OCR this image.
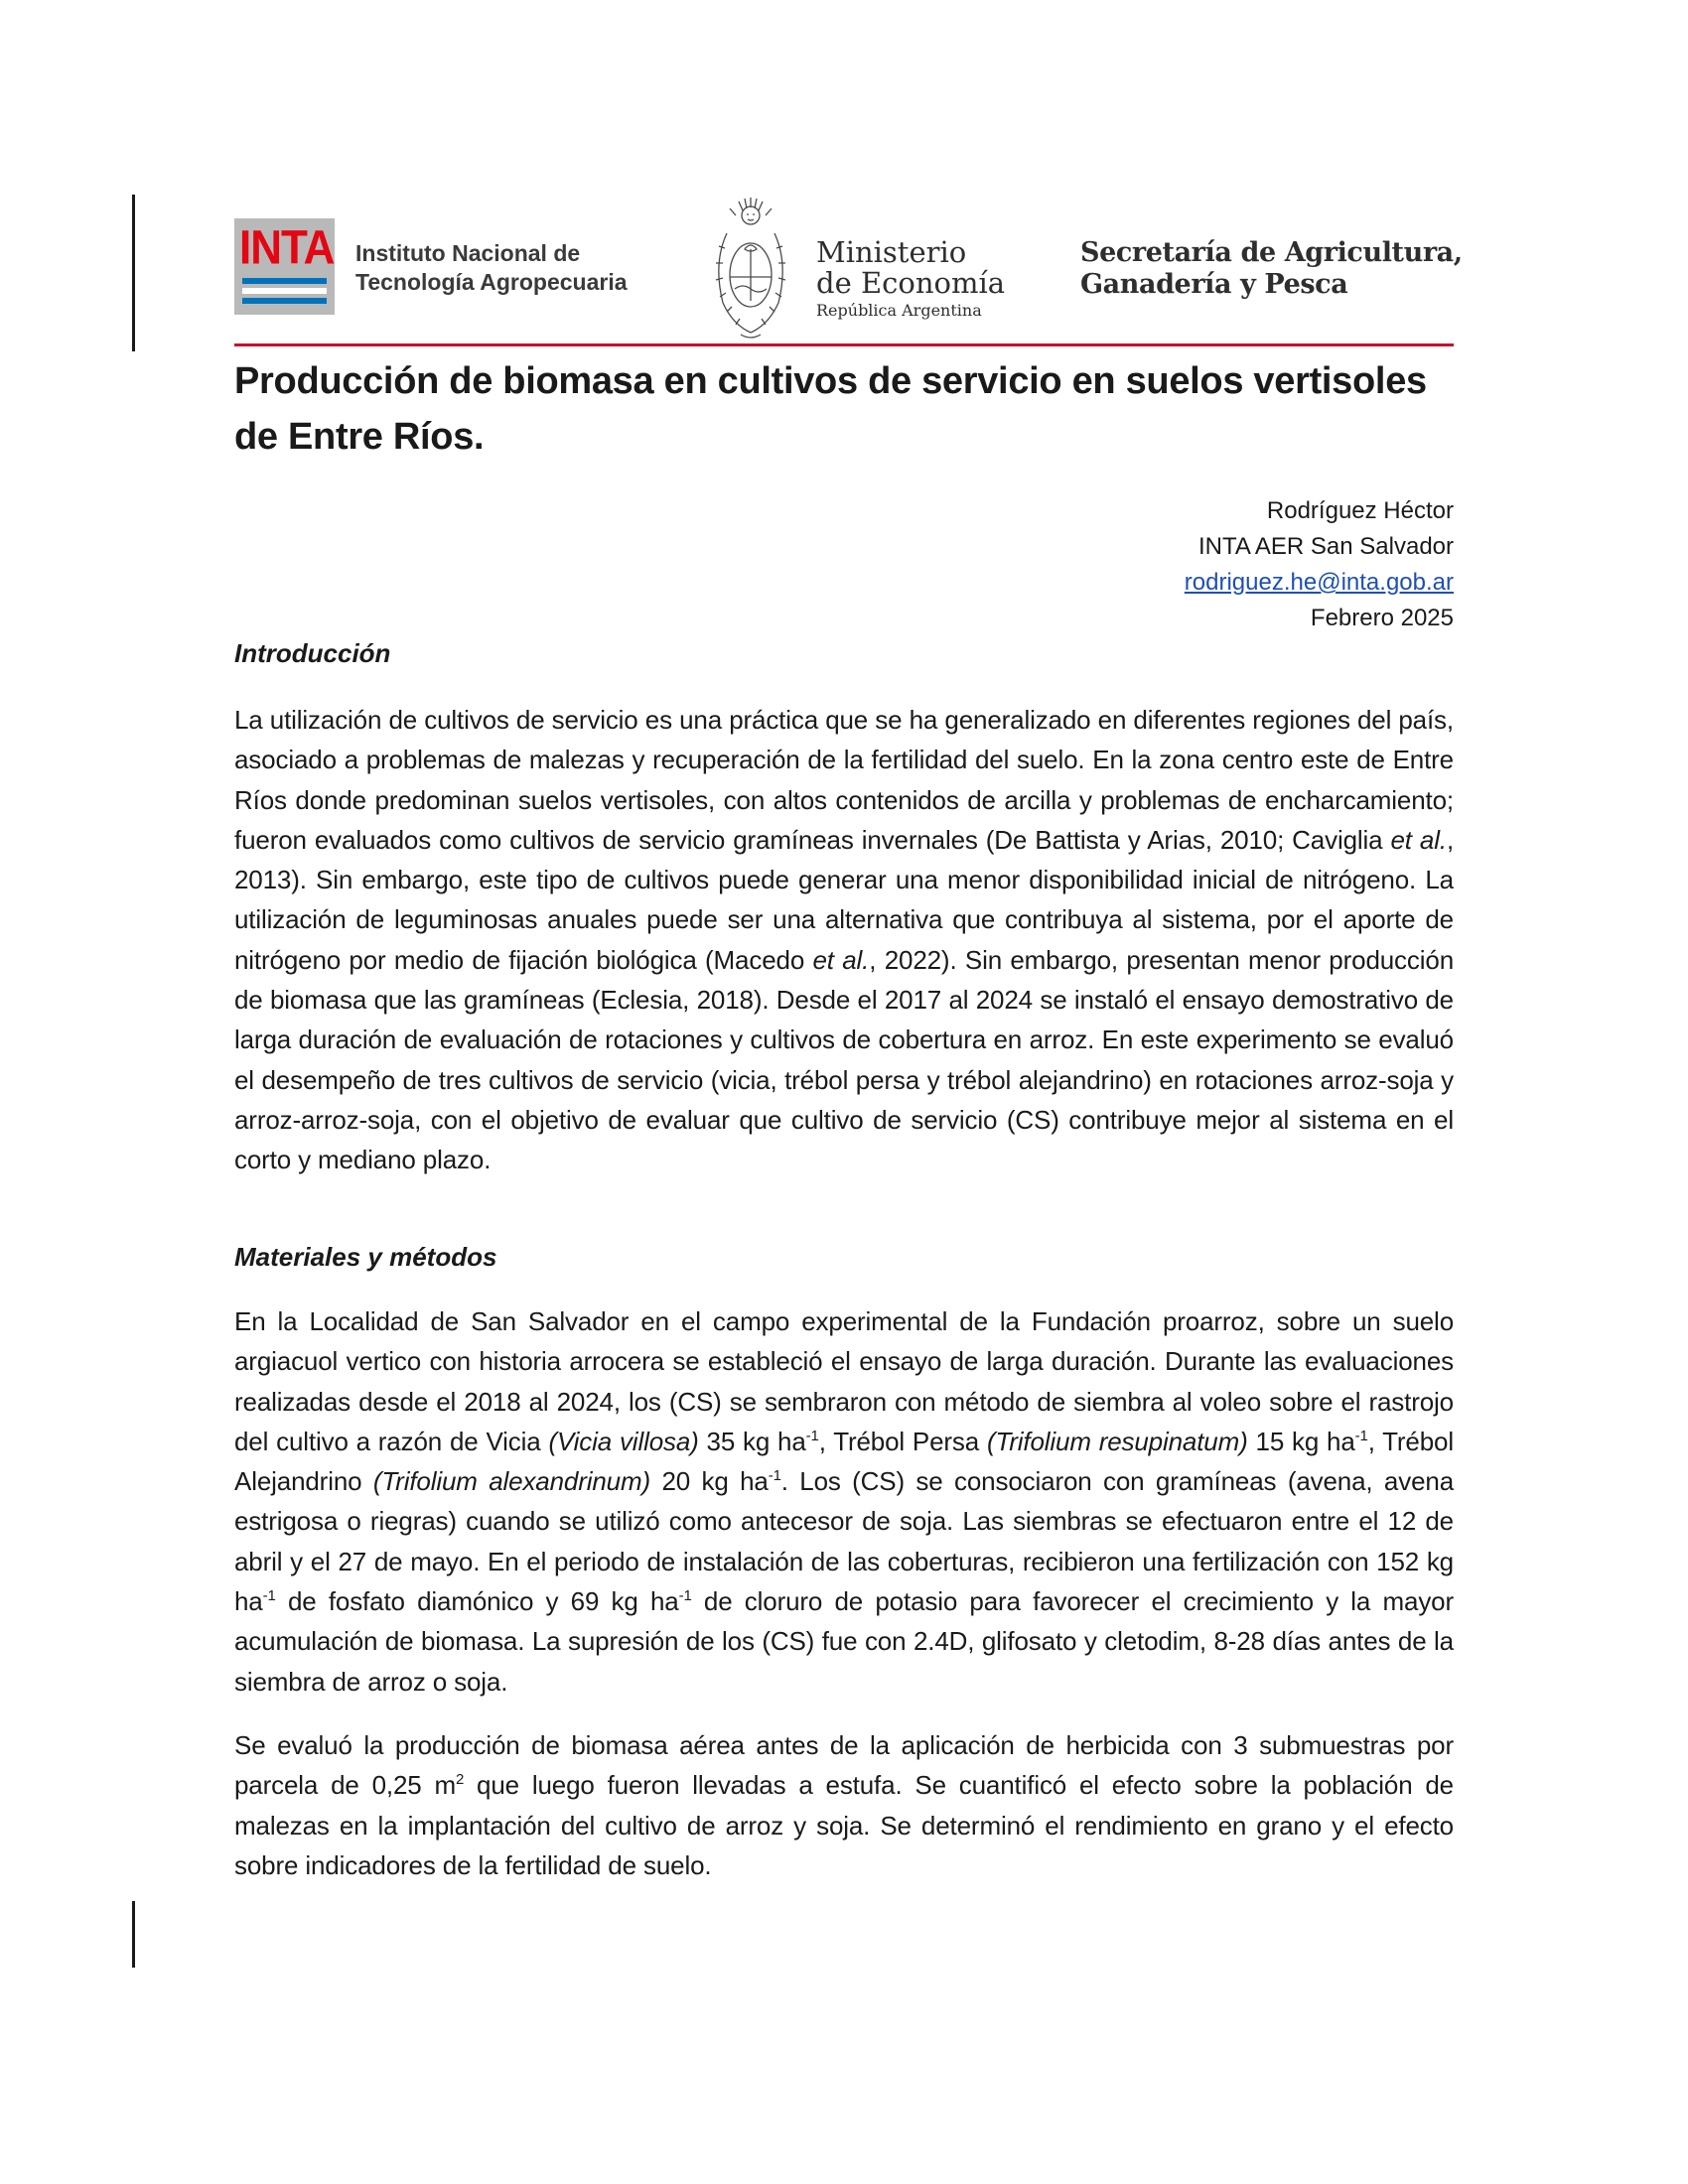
INTA Instituto Nacional de
Tecnología Agropecuaria
Ministerio
de Economía
República Argentina
Secretaría de Agricultura,
Ganadería y Pesca
Producción de biomasa en cultivos de servicio en suelos vertisoles
de Entre Ríos.
Rodríguez Héctor
INTA AER San Salvador
rodriguez.he@inta.gob.ar
Febrero 2025
Introducción
La utilización de cultivos de servicio es una práctica que se ha generalizado en diferentes regiones del país, asociado a problemas de malezas y recuperación de la fertilidad del suelo. En la zona centro este de Entre Ríos donde predominan suelos vertisoles, con altos contenidos de arcilla y problemas de encharcamiento; fueron evaluados como cultivos de servicio gramíneas invernales (De Battista y Arias, 2010; Caviglia et al., 2013). Sin embargo, este tipo de cultivos puede generar una menor disponibilidad inicial de nitrógeno. La utilización de leguminosas anuales puede ser una alternativa que contribuya al sistema, por el aporte de nitrógeno por medio de fijación biológica (Macedo et al., 2022). Sin embargo, presentan menor producción de biomasa que las gramíneas (Eclesia, 2018). Desde el 2017 al 2024 se instaló el ensayo demostrativo de larga duración de evaluación de rotaciones y cultivos de cobertura en arroz. En este experimento se evaluó el desempeño de tres cultivos de servicio (vicia, trébol persa y trébol alejandrino) en rotaciones arroz-soja y arroz-arroz-soja, con el objetivo de evaluar que cultivo de servicio (CS) contribuye mejor al sistema en el corto y mediano plazo.
Materiales y métodos
En la Localidad de San Salvador en el campo experimental de la Fundación proarroz, sobre un suelo argiacuol vertico con historia arrocera se estableció el ensayo de larga duración. Durante las evaluaciones realizadas desde el 2018 al 2024, los (CS) se sembraron con método de siembra al voleo sobre el rastrojo del cultivo a razón de Vicia (Vicia villosa) 35 kg $ha^{-1}$, Trébol Persa (Trifolium resupinatum) 15 kg $ha^{-1}$, Trébol Alejandrino (Trifolium alexandrinum) 20 kg $ha^{-1}$. Los (CS) se consociaron con gramíneas (avena, avena estrigosa o riegras) cuando se utilizó como antecesor de soja. Las siembras se efectuaron entre el 12 de abril y el 27 de mayo. En el periodo de instalación de las coberturas, recibieron una fertilización con 152 kg $ha^{-1}$ de fosfato diamónico y 69 kg $ha^{-1}$ de cloruro de potasio para favorecer el crecimiento y la mayor acumulación de biomasa. La supresión de los (CS) fue con 2.4D, glifosato y cletodim, 8-28 días antes de la siembra de arroz o soja.
Se evaluó la producción de biomasa aérea antes de la aplicación de herbicida con 3 submuestras por parcela de 0,25 $m^2$ que luego fueron llevadas a estufa. Se cuantificó el efecto sobre la población de malezas en la implantación del cultivo de arroz y soja. Se determinó el rendimiento en grano y el efecto sobre indicadores de la fertilidad de suelo.
